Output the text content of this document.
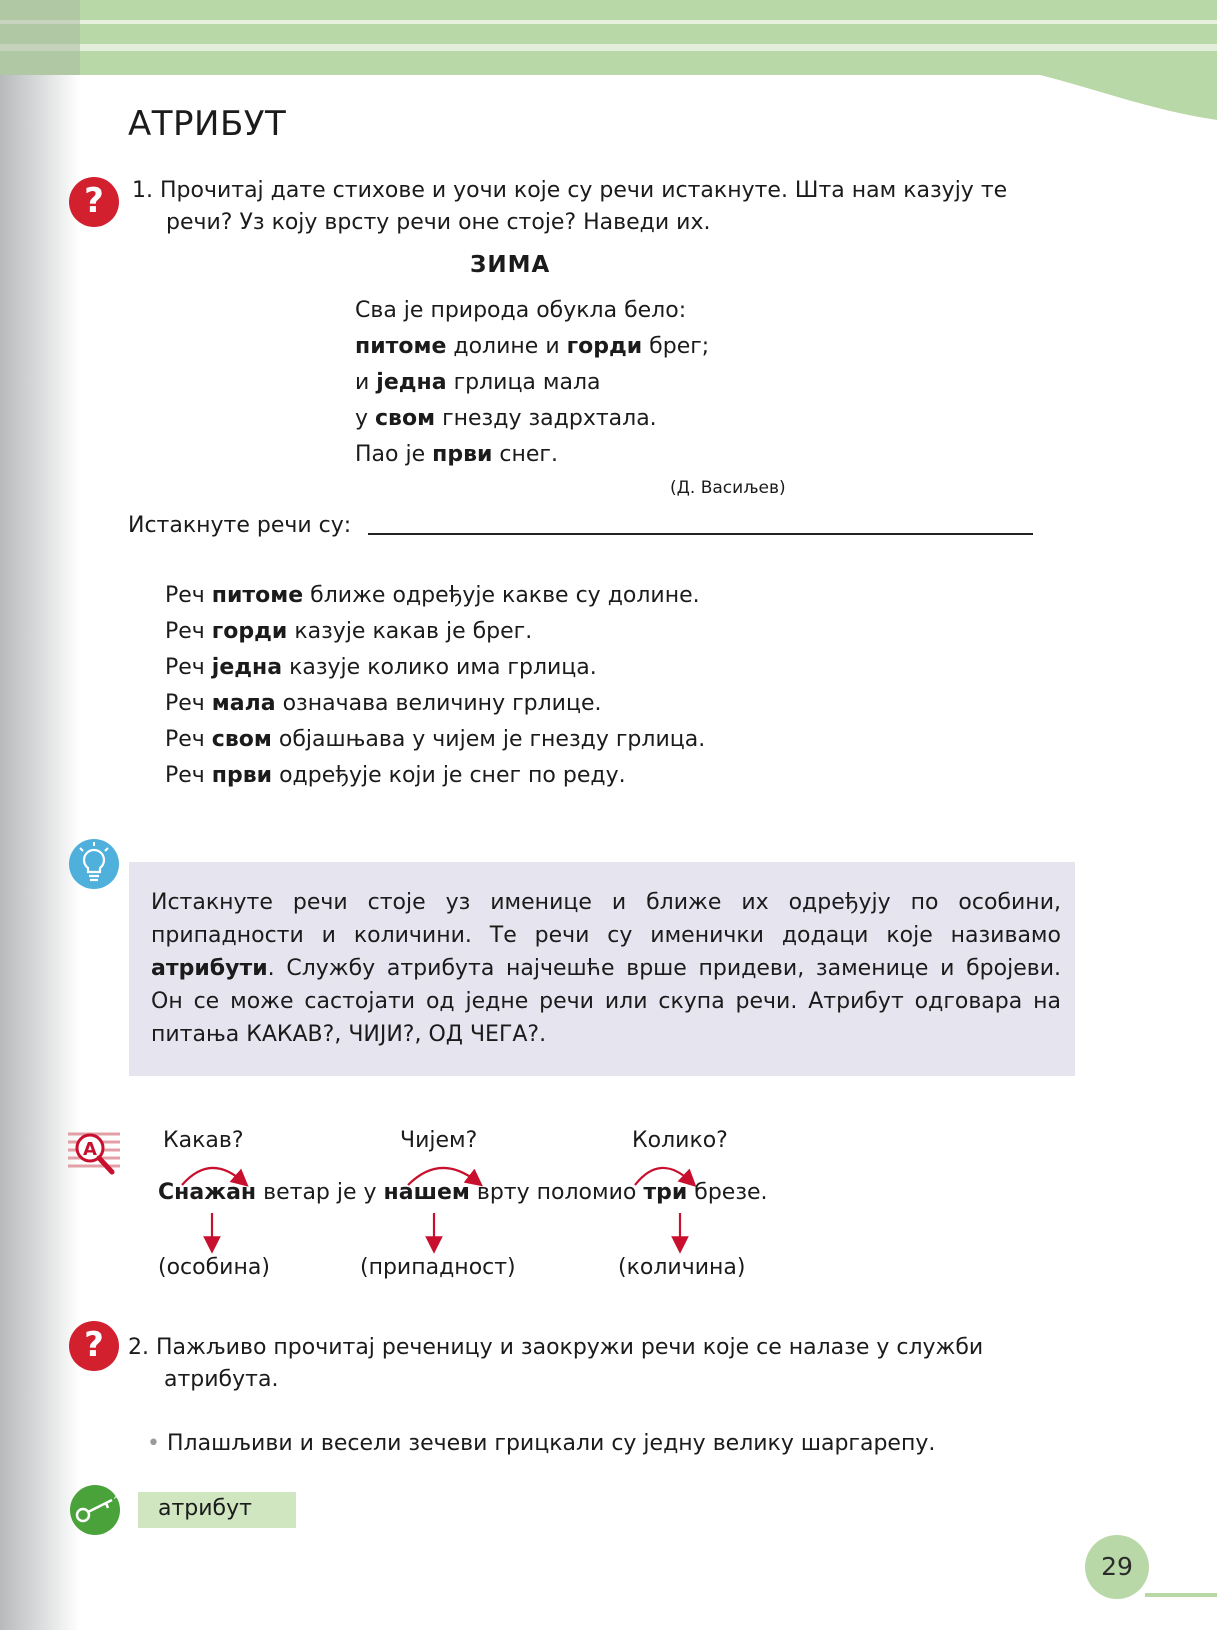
АТРИБУТ
? 1. Прочитај дате стихове и уочи које су речи истакнуте. Шта нам казују те
речи? Уз коју врсту речи оне стоје? Наведи их.
ЗИМА
Сва је природа обукла бело:
питоме долине и горди брег;
и једна грлица мала
у свом гнезду задрхтала.
Пао је први снег.
(Д. Васиљев)
Истакнуте речи су:
Реч питоме ближе одређује какве су долине.
Реч горди казује какав је брег.
Реч једна казује колико има грлица.
Реч мала означава величину грлице.
Реч свом објашњава у чијем је гнезду грлица.
Реч први одређује који је снег по реду.
Истакнуте речи стоје уз именице и ближе их одређују по особини, припадности и количини. Те речи су именички додаци које називамо атрибути. Службу атрибута најчешће врше придеви, заменице и бројеви. Он се може састојати од једне речи или скупа речи. Атрибут одговара на питања КАКАВ?, ЧИЈИ?, ОД ЧЕГА?.
A	Какав?	Чијем?	Колико?
Снажан ветар је у нашем врту поломио три брезе.
(особина)	(припадност)	(количина)
? 2. Пажљиво прочитај реченицу и заокружи речи које се налазе у служби
атрибута.
• Плашљиви и весели зечеви грицкали су једну велику шаргарепу.
Abc атрибут
29
